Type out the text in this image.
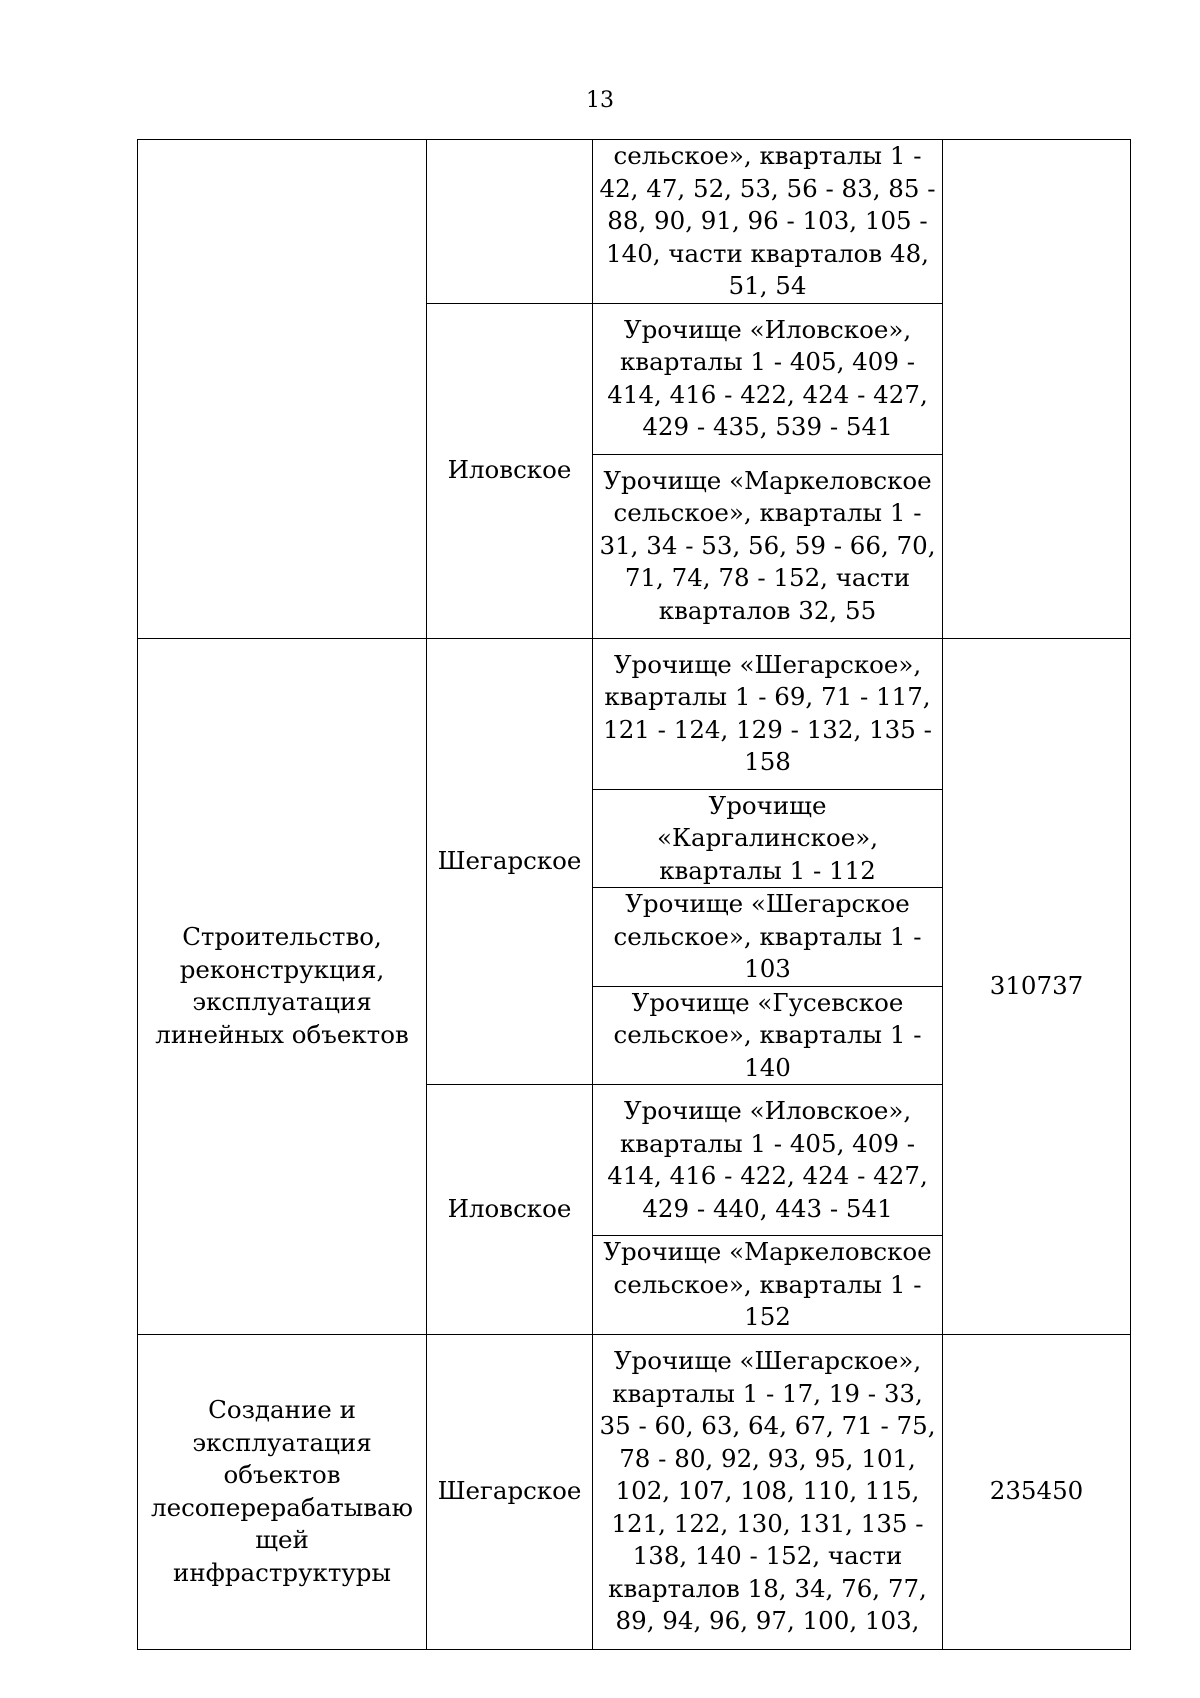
13
		сельское», кварталы 1 - 42, 47, 52, 53, 56 - 83, 85 - 88, 90, 91, 96 - 103, 105 - 140, части кварталов 48, 51, 54	
	Иловское	Урочище «Иловское», кварталы 1 - 405, 409 - 414, 416 - 422, 424 - 427, 429 - 435, 539 - 541	
		Урочище «Маркеловское сельское», кварталы 1 - 31, 34 - 53, 56, 59 - 66, 70, 71, 74, 78 - 152, части кварталов 32, 55	
Строительство, реконструкция, эксплуатация линейных объектов	Шегарское	Урочище «Шегарское», кварталы 1 - 69, 71 - 117, 121 - 124, 129 - 132, 135 - 158	310737
		Урочище «Каргалинское», кварталы 1 - 112	
		Урочище «Шегарское сельское», кварталы 1 - 103	
		Урочище «Гусевское сельское», кварталы 1 - 140	
	Иловское	Урочище «Иловское», кварталы 1 - 405, 409 - 414, 416 - 422, 424 - 427, 429 - 440, 443 - 541	
		Урочище «Маркеловское сельское», кварталы 1 - 152	
Создание и эксплуатация объектов лесоперерабатывающей инфраструктуры	Шегарское	Урочище «Шегарское», кварталы 1 - 17, 19 - 33, 35 - 60, 63, 64, 67, 71 - 75, 78 - 80, 92, 93, 95, 101, 102, 107, 108, 110, 115, 121, 122, 130, 131, 135 - 138, 140 - 152, части кварталов 18, 34, 76, 77, 89, 94, 96, 97, 100, 103,	235450
